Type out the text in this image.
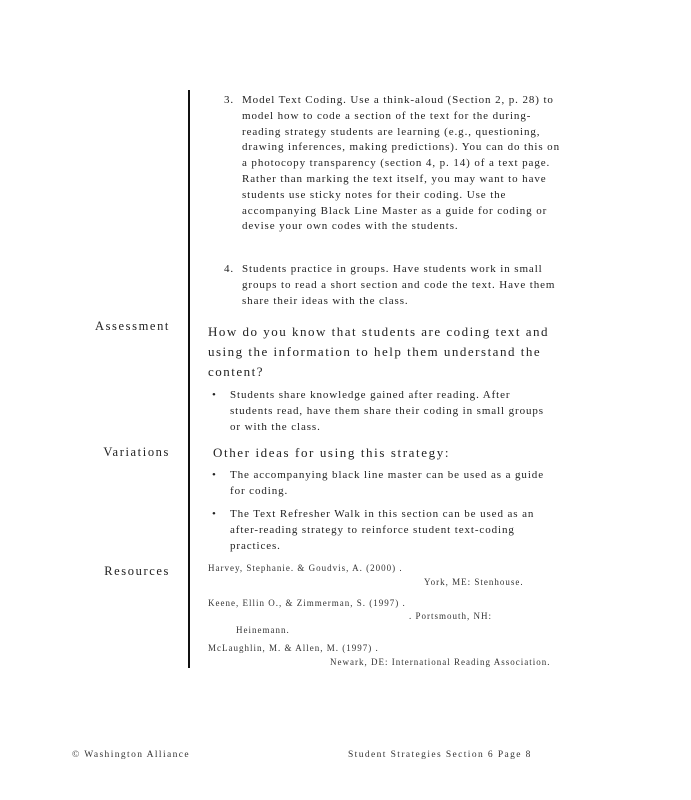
3. Model Text Coding. Use a think-aloud (Section 2, p. 28) to model how to code a section of the text for the during-reading strategy students are learning (e.g., questioning, drawing inferences, making predictions). You can do this on a photocopy transparency (section 4, p. 14) of a text page. Rather than marking the text itself, you may want to have students use sticky notes for their coding. Use the accompanying Black Line Master as a guide for coding or devise your own codes with the students.
4. Students practice in groups. Have students work in small groups to read a short section and code the text. Have them share their ideas with the class.
Assessment	How do you know that students are coding text and using the information to help them understand the content?
• Students share knowledge gained after reading. After students read, have them share their coding in small groups or with the class.
Variations	Other ideas for using this strategy:
• The accompanying black line master can be used as a guide for coding.
• The Text Refresher Walk in this section can be used as an after-reading strategy to reinforce student text-coding practices.
Resources	Harvey, Stephanie. & Goudvis, A. (2000) .
York, ME: Stenhouse.
Keene, Ellin O., & Zimmerman, S. (1997) .
. Portsmouth, NH:
Heinemann.
McLaughlin, M. & Allen, M. (1997) .
Newark, DE: International Reading Association.
© Washington Alliance	Student Strategies Section 6 Page 8
